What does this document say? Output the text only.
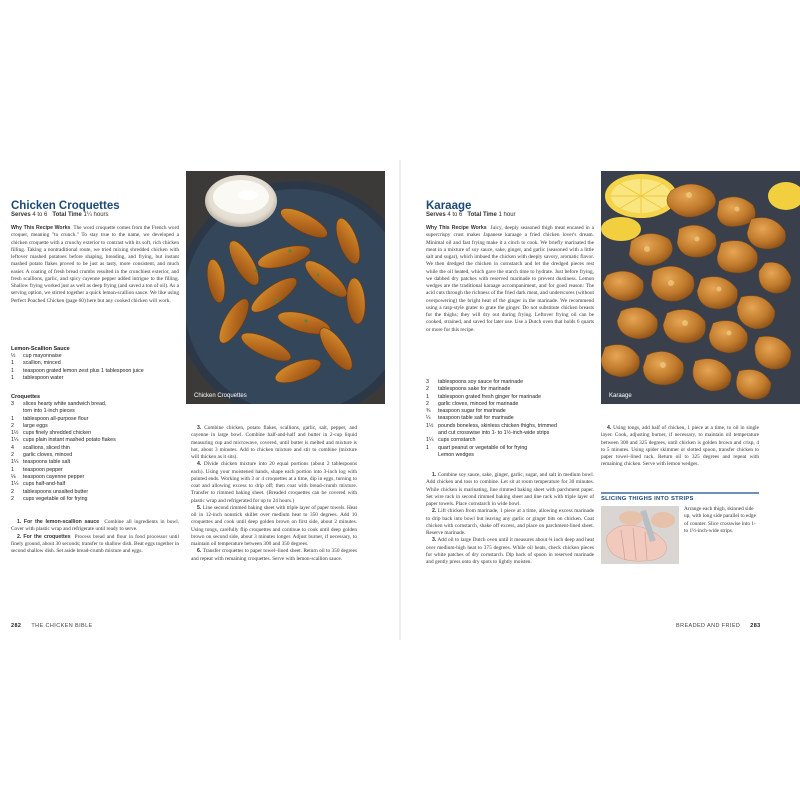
Chicken Croquettes
Serves 4 to 6 Total Time 1¼ hours
Why This Recipe Works The word croquette comes from the French word croquer, meaning "to crunch." To stay true to the name, we developed a chicken croquette with a crunchy exterior to contrast with its soft, rich chicken filling. Taking a nontraditional route, we tried mixing shredded chicken with leftover mashed potatoes before shaping, breading, and frying, but instant mashed potato flakes proved to be just as tasty, more consistent, and much easier. A coating of fresh bread crumbs resulted in the crunchiest exterior, and fresh scallions, garlic, and spicy cayenne pepper added intrigue to the filling. Shallow frying worked just as well as deep frying (and saved a ton of oil). As a serving option, we stirred together a quick lemon-scallion sauce. We like using Perfect Poached Chicken (page 60) here but any cooked chicken will work.
Lemon-Scallion Sauce
½	cup mayonnaise
1	scallion, minced
1	teaspoon grated lemon zest plus 1 tablespoon juice
1	tablespoon water
Croquettes
3	slices hearty white sandwich bread,
torn into 1-inch pieces
1	tablespoon all-purpose flour
2	large eggs
1½ cups finely shredded chicken
1¼ cups plain instant mashed potato flakes
4	scallions, sliced thin
2	garlic cloves, minced
1¼ teaspoons table salt
1	teaspoon pepper
⅛	teaspoon cayenne pepper
1¼ cups half-and-half
2	tablespoons unsalted butter
2	cups vegetable oil for frying

1. For the lemon-scallion sauce Combine all ingredients in bowl. Cover with plastic wrap and refrigerate until ready to serve.

2. For the croquettes Process bread and flour in food processor until finely ground, about 30 seconds; transfer to shallow dish. Beat eggs together in second shallow dish. Set aside bread-crumb mixture and eggs.

Chicken Croquettes

3. Combine chicken, potato flakes, scallions, garlic, salt, pepper, and cayenne in large bowl. Combine half-and-half and butter in 2-cup liquid measuring cup and microwave, covered, until butter is melted and mixture is hot, about 3 minutes. Add to chicken mixture and stir to combine (mixture will thicken as it sits).

4. Divide chicken mixture into 20 equal portions (about 2 tablespoons each). Using your moistened hands, shape each portion into 3-inch log with pointed ends. Working with 3 or 4 croquettes at a time, dip in eggs, turning to coat and allowing excess to drip off; then coat with bread-crumb mixture. Transfer to rimmed baking sheet. (Breaded croquettes can be covered with plastic wrap and refrigerated for up to 24 hours.)

5. Line second rimmed baking sheet with triple layer of paper towels. Heat oil in 12-inch nonstick skillet over medium heat to 350 degrees. Add 10 croquettes and cook until deep golden brown on first side, about 2 minutes. Using tongs, carefully flip croquettes and continue to cook until deep golden brown on second side, about 3 minutes longer. Adjust burner, if necessary, to maintain oil temperature between 300 and 350 degrees.

6. Transfer croquettes to paper towel–lined sheet. Return oil to 350 degrees and repeat with remaining croquettes. Serve with lemon-scallion sauce.

282 THE CHICKEN BIBLE
Karaage
Serves 4 to 6 Total Time 1 hour
Why This Recipe Works Juicy, deeply seasoned thigh meat encased in a supercrispy crust makes Japanese karaage a fried chicken lover's dream. Minimal oil and fast frying make it a cinch to cook. We briefly marinated the meat in a mixture of soy sauce, sake, ginger, and garlic (seasoned with a little salt and sugar), which imbued the chicken with deeply savory, aromatic flavor. We then dredged the chicken in cornstarch and let the dredged pieces rest while the oil heated, which gave the starch time to hydrate. Just before frying, we dabbed dry patches with reserved marinade to prevent dustiness. Lemon wedges are the traditional karaage accompaniment, and for good reason: The acid cuts through the richness of the fried dark meat, and underscores (without overpowering) the bright heat of the ginger in the marinade. We recommend using a rasp-style grater to grate the ginger. Do not substitute chicken breasts for the thighs; they will dry out during frying. Leftover frying oil can be cooked, strained, and saved for later use. Use a Dutch oven that holds 6 quarts or more for this recipe.
3	tablespoons soy sauce for marinade
2	tablespoons sake for marinade
1	tablespoon grated fresh ginger for marinade
2	garlic cloves, minced for marinade
¾	teaspoon sugar for marinade
¼	teaspoon table salt for marinade
1½ pounds boneless, skinless chicken thighs, trimmed
and cut crosswise into 1- to 1½-inch-wide strips
1¼ cups cornstarch
1	quart peanut or vegetable oil for frying
Lemon wedges

1. Combine soy sauce, sake, ginger, garlic, sugar, and salt in medium bowl. Add chicken and toss to combine. Let sit at room temperature for 30 minutes. While chicken is marinating, line rimmed baking sheet with parchment paper. Set wire rack in second rimmed baking sheet and line rack with triple layer of paper towels. Place cornstarch in wide bowl.

2. Lift chicken from marinade, 1 piece at a time, allowing excess marinade to drip back into bowl but leaving any garlic or ginger bits on chicken. Coat chicken with cornstarch, shake off excess, and place on parchment-lined sheet. Reserve marinade.

3. Add oil to large Dutch oven until it measures about ¾ inch deep and heat over medium-high heat to 375 degrees. While oil heats, check chicken pieces for white patches of dry cornstarch. Dip back of spoon in reserved marinade and gently press onto dry spots to lightly moisten.

Karaage

4. Using tongs, add half of chicken, 1 piece at a time, to oil in single layer. Cook, adjusting burner, if necessary, to maintain oil temperature between 300 and 325 degrees, until chicken is golden brown and crisp, 4 to 5 minutes. Using spider skimmer or slotted spoon, transfer chicken to paper towel–lined rack. Return oil to 325 degrees and repeat with remaining chicken. Serve with lemon wedges.

SLICING THIGHS INTO STRIPS
Arrange each thigh, skinned side up, with long side parallel to edge of counter. Slice crosswise into 1- to 1½-inch-wide strips.
BREADED AND FRIED 283
